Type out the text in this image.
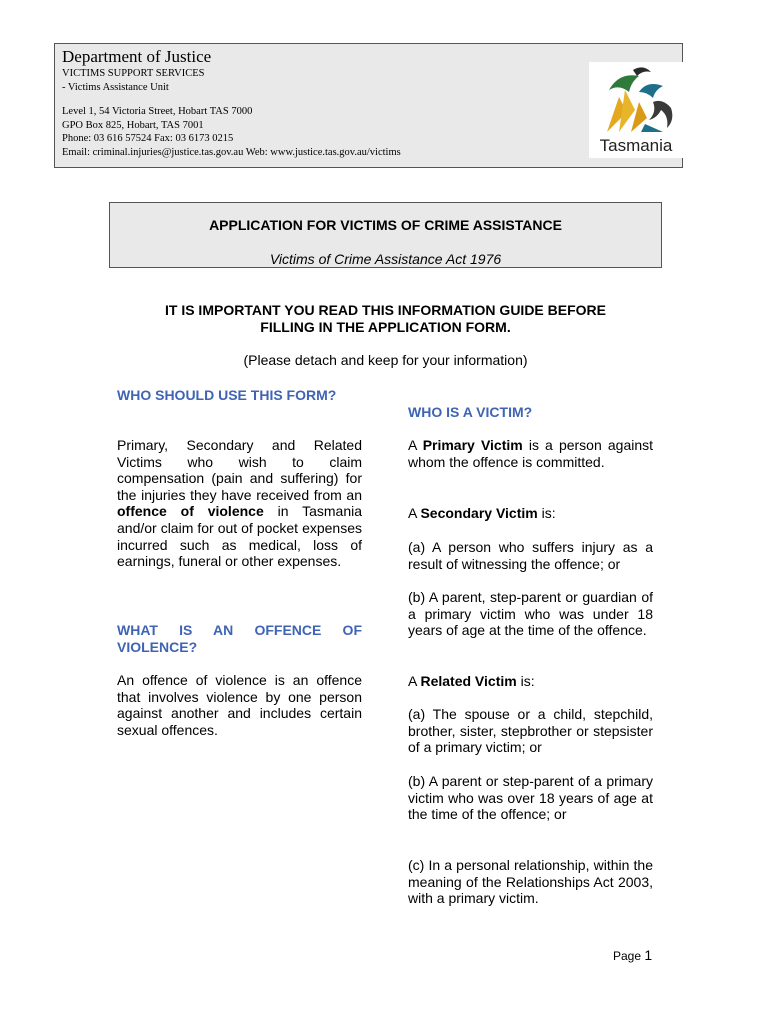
Department of Justice
VICTIMS SUPPORT SERVICES
- Victims Assistance Unit
Level 1, 54 Victoria Street, Hobart TAS 7000
GPO Box 825, Hobart, TAS 7001
Phone: 03 616 57524 Fax: 03 6173 0215
Email: criminal.injuries@justice.tas.gov.au Web: www.justice.tas.gov.au/victims	Tasmania
APPLICATION FOR VICTIMS OF CRIME ASSISTANCE
Victims of Crime Assistance Act 1976
IT IS IMPORTANT YOU READ THIS INFORMATION GUIDE BEFORE
FILLING IN THE APPLICATION FORM.
(Please detach and keep for your information)
WHO SHOULD USE THIS FORM?
Primary, Secondary and Related Victims who wish to claim compensation (pain and suffering) for the injuries they have received from an offence of violence in Tasmania and/or claim for out of pocket expenses incurred such as medical, loss of earnings, funeral or other expenses.
WHAT IS AN OFFENCE OF VIOLENCE?
An offence of violence is an offence that involves violence by one person against another and includes certain sexual offences.
WHO IS A VICTIM?
A Primary Victim is a person against whom the offence is committed.
A Secondary Victim is:
(a) A person who suffers injury as a result of witnessing the offence; or
(b) A parent, step-parent or guardian of a primary victim who was under 18 years of age at the time of the offence.
A Related Victim is:
(a) The spouse or a child, stepchild, brother, sister, stepbrother or stepsister of a primary victim; or
(b) A parent or step-parent of a primary victim who was over 18 years of age at the time of the offence; or
(c) In a personal relationship, within the meaning of the Relationships Act 2003, with a primary victim.
Page 1
